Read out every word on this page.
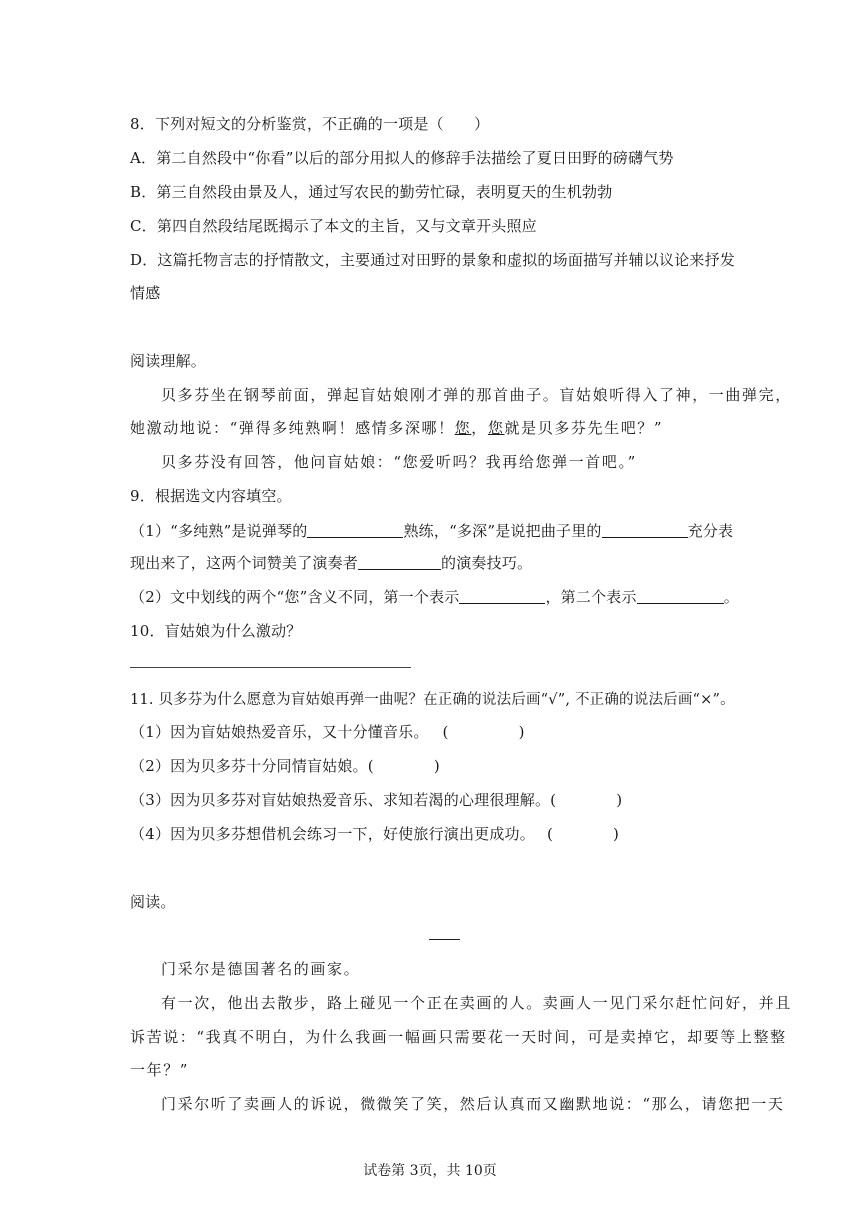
8．下列对短文的分析鉴赏，不正确的一项是（　　）
A．第二自然段中“你看”以后的部分用拟人的修辞手法描绘了夏日田野的磅礴气势
B．第三自然段由景及人，通过写农民的勤劳忙碌，表明夏天的生机勃勃
C．第四自然段结尾既揭示了本文的主旨，又与文章开头照应
D．这篇托物言志的抒情散文，主要通过对田野的景象和虚拟的场面描写并辅以议论来抒发
情感
阅读理解。
贝多芬坐在钢琴前面，弹起盲姑娘刚才弹的那首曲子。盲姑娘听得入了神，一曲弹完，
她激动地说：“弹得多纯熟啊！感情多深哪！您，您就是贝多芬先生吧？”
贝多芬没有回答，他问盲姑娘：“您爱听吗？我再给您弹一首吧。”
9．根据选文内容填空。
（1）“多纯熟”是说弹琴的	熟练，“多深”是说把曲子里的	充分表
现出来了，这两个词赞美了演奏者	的演奏技巧。
（2）文中划线的两个“您”含义不同，第一个表示	，第二个表示	。
10．盲姑娘为什么激动？
11. 贝多芬为什么愿意为盲姑娘再弹一曲呢？在正确的说法后画“√”, 不正确的说法后画“×”。
（1）因为盲姑娘热爱音乐，又十分懂音乐。 (	)
（2）因为贝多芬十分同情盲姑娘。(	)
（3）因为贝多芬对盲姑娘热爱音乐、求知若渴的心理很理解。(	)
（4）因为贝多芬想借机会练习一下，好使旅行演出更成功。 (	)
阅读。
门采尔是德国著名的画家。
有一次，他出去散步，路上碰见一个正在卖画的人。卖画人一见门采尔赶忙问好，并且
诉苦说：“我真不明白，为什么我画一幅画只需要花一天时间，可是卖掉它，却要等上整整
一年？”
门采尔听了卖画人的诉说，微微笑了笑，然后认真而又幽默地说：“那么，请您把一天
试卷第 3页，共 10页
